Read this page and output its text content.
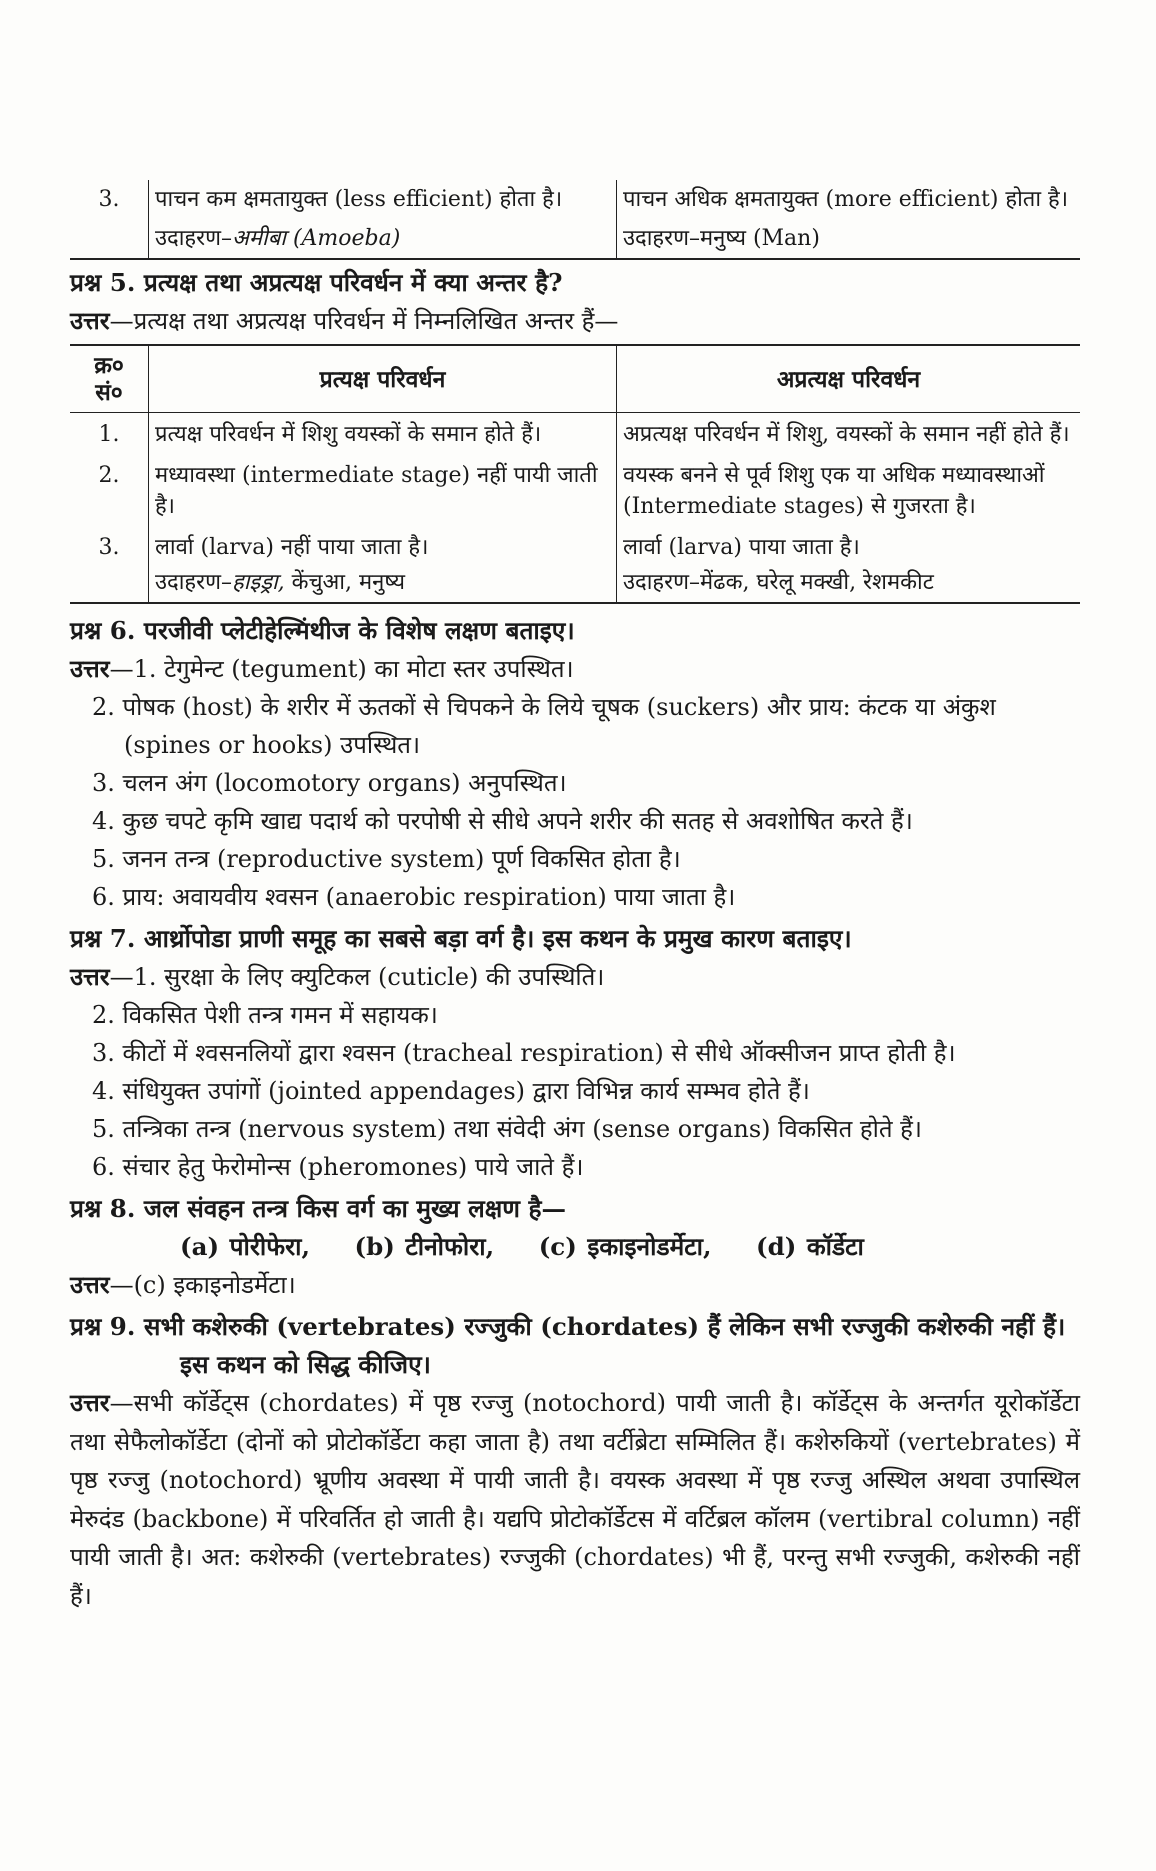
3.	पाचन कम क्षमतायुक्त (less efficient) होता है।	पाचन अधिक क्षमतायुक्त (more efficient) होता है।
	उदाहरण–अमीबा (Amoeba)	उदाहरण–मनुष्य (Man)
प्रश्न 5. प्रत्यक्ष तथा अप्रत्यक्ष परिवर्धन में क्या अन्तर है?
उत्तर—प्रत्यक्ष तथा अप्रत्यक्ष परिवर्धन में निम्नलिखित अन्तर हैं—
क्र०
सं०	प्रत्यक्ष परिवर्धन	अप्रत्यक्ष परिवर्धन
1.	प्रत्यक्ष परिवर्धन में शिशु वयस्कों के समान होते हैं।	अप्रत्यक्ष परिवर्धन में शिशु, वयस्कों के समान नहीं होते हैं।
2.	मध्यावस्था (intermediate stage) नहीं पायी जाती है।	वयस्क बनने से पूर्व शिशु एक या अधिक मध्यावस्थाओं (Intermediate stages) से गुजरता है।
3.	लार्वा (larva) नहीं पाया जाता है।	लार्वा (larva) पाया जाता है।
	उदाहरण–हाइड्रा, केंचुआ, मनुष्य	उदाहरण–मेंढक, घरेलू मक्खी, रेशमकीट
प्रश्न 6. परजीवी प्लेटीहेल्मिंथीज के विशेष लक्षण बताइए।
उत्तर—1. टेगुमेन्ट (tegument) का मोटा स्तर उपस्थित।
2. पोषक (host) के शरीर में ऊतकों से चिपकने के लिये चूषक (suckers) और प्राय: कंटक या अंकुश (spines or hooks) उपस्थित।
3. चलन अंग (locomotory organs) अनुपस्थित।
4. कुछ चपटे कृमि खाद्य पदार्थ को परपोषी से सीधे अपने शरीर की सतह से अवशोषित करते हैं।
5. जनन तन्त्र (reproductive system) पूर्ण विकसित होता है।
6. प्राय: अवायवीय श्वसन (anaerobic respiration) पाया जाता है।
प्रश्न 7. आर्थ्रोपोडा प्राणी समूह का सबसे बड़ा वर्ग है। इस कथन के प्रमुख कारण बताइए।
उत्तर—1. सुरक्षा के लिए क्युटिकल (cuticle) की उपस्थिति।
2. विकसित पेशी तन्त्र गमन में सहायक।
3. कीटों में श्वसनलियों द्वारा श्वसन (tracheal respiration) से सीधे ऑक्सीजन प्राप्त होती है।
4. संधियुक्त उपांगों (jointed appendages) द्वारा विभिन्न कार्य सम्भव होते हैं।
5. तन्त्रिका तन्त्र (nervous system) तथा संवेदी अंग (sense organs) विकसित होते हैं।
6. संचार हेतु फेरोमोन्स (pheromones) पाये जाते हैं।
प्रश्न 8. जल संवहन तन्त्र किस वर्ग का मुख्य लक्षण है—
(a) पोरीफेरा, (b) टीनोफोरा, (c) इकाइनोडर्मेटा, (d) कॉर्डेटा
उत्तर—(c) इकाइनोडर्मेटा।
प्रश्न 9. सभी कशेरुकी (vertebrates) रज्जुकी (chordates) हैं लेकिन सभी रज्जुकी कशेरुकी नहीं हैं। इस कथन को सिद्ध कीजिए।
उत्तर—सभी कॉर्डेट्स (chordates) में पृष्ठ रज्जु (notochord) पायी जाती है। कॉर्डेट्स के अन्तर्गत यूरोकॉर्डेटा तथा सेफैलोकॉर्डेटा (दोनों को प्रोटोकॉर्डेटा कहा जाता है) तथा वर्टीब्रेटा सम्मिलित हैं। कशेरुकियों (vertebrates) में पृष्ठ रज्जु (notochord) भ्रूणीय अवस्था में पायी जाती है। वयस्क अवस्था में पृष्ठ रज्जु अस्थिल अथवा उपास्थिल मेरुदंड (backbone) में परिवर्तित हो जाती है। यद्यपि प्रोटोकॉर्डेटस में वर्टिब्रल कॉलम (vertibral column) नहीं पायी जाती है। अत: कशेरुकी (vertebrates) रज्जुकी (chordates) भी हैं, परन्तु सभी रज्जुकी, कशेरुकी नहीं हैं।
